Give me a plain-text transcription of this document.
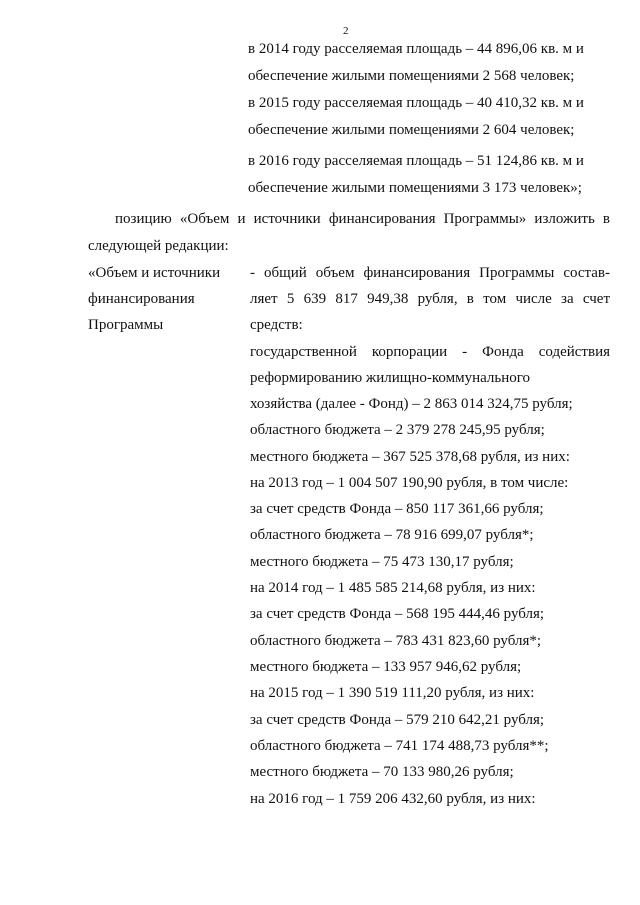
2
в 2014 году расселяемая площадь – 44 896,06 кв. м и
обеспечение жилыми помещениями 2 568 человек;
в 2015 году расселяемая площадь – 40 410,32 кв. м и
обеспечение жилыми помещениями 2 604 человек;
в 2016 году расселяемая площадь – 51 124,86 кв. м и
обеспечение жилыми помещениями 3 173 человек»;
позицию «Объем и источники финансирования Программы» изложить в
следующей редакции:
«Объем и источники
финансирования
Программы
- общий объем финансирования Программы состав-
ляет 5 639 817 949,38 рубля, в том числе за счет
средств:
государственной корпорации - Фонда содействия
реформированию жилищно-коммунального
хозяйства (далее - Фонд) – 2 863 014 324,75 рубля;
областного бюджета – 2 379 278 245,95 рубля;
местного бюджета – 367 525 378,68 рубля, из них:
на 2013 год – 1 004 507 190,90 рубля, в том числе:
за счет средств Фонда – 850 117 361,66 рубля;
областного бюджета – 78 916 699,07 рубля*;
местного бюджета – 75 473 130,17 рубля;
на 2014 год – 1 485 585 214,68 рубля, из них:
за счет средств Фонда – 568 195 444,46 рубля;
областного бюджета – 783 431 823,60 рубля*;
местного бюджета – 133 957 946,62 рубля;
на 2015 год – 1 390 519 111,20 рубля, из них:
за счет средств Фонда – 579 210 642,21 рубля;
областного бюджета – 741 174 488,73 рубля**;
местного бюджета – 70 133 980,26 рубля;
на 2016 год – 1 759 206 432,60 рубля, из них:
